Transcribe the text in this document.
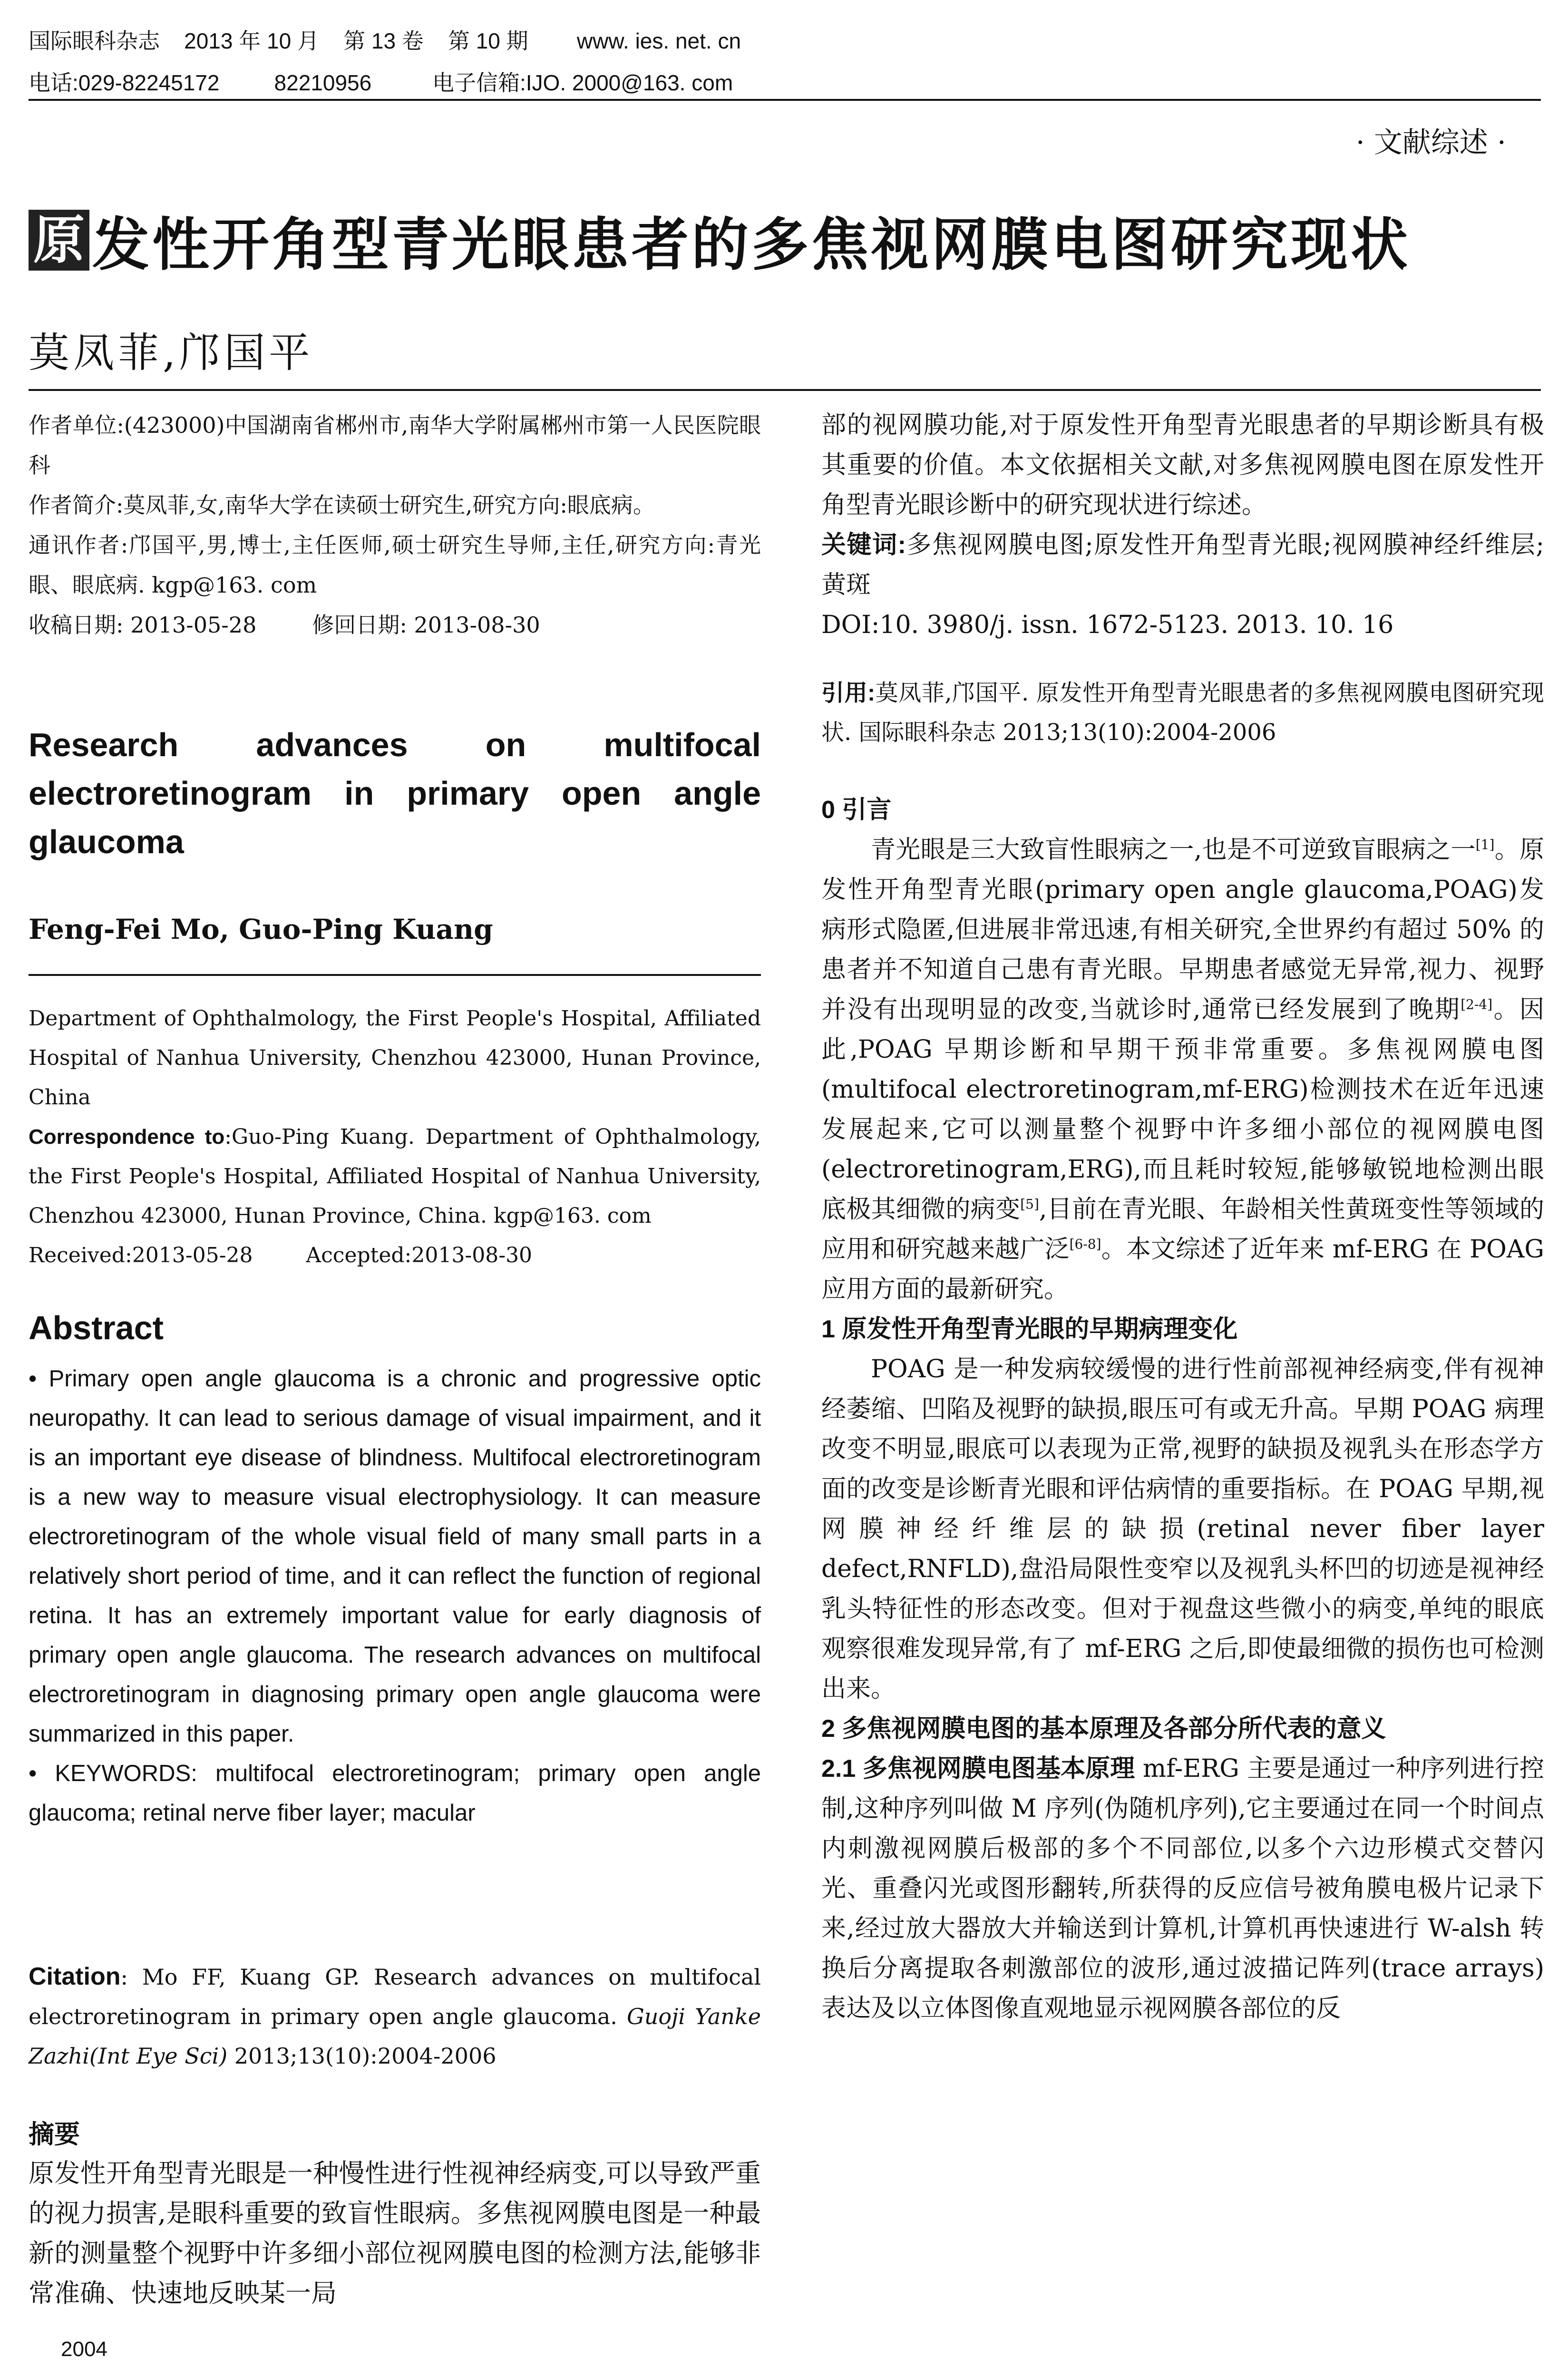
国际眼科杂志    2013 年 10 月    第 13 卷    第 10 期        www. ies. net. cn
电话:029-82245172         82210956          电子信箱:IJO. 2000@163. com
· 文献综述 ·
原 发性开角型青光眼患者的多焦视网膜电图研究现状
莫凤菲,邝国平

作者单位:(423000)中国湖南省郴州市,南华大学附属郴州市第一人民医院眼科

作者简介:莫凤菲,女,南华大学在读硕士研究生,研究方向:眼底病。

通讯作者:邝国平,男,博士,主任医师,硕士研究生导师,主任,研究方向:青光眼、眼底病. kgp@163. com

收稿日期: 2013-05-28        修回日期: 2013-08-30

Research advances on multifocal electroretinogram in primary open angle glaucoma
Feng-Fei Mo, Guo-Ping Kuang
Department of Ophthalmology, the First People's Hospital, Affiliated Hospital of Nanhua University, Chenzhou 423000, Hunan Province, China
Correspondence to:Guo-Ping Kuang. Department of Ophthalmology, the First People's Hospital, Affiliated Hospital of Nanhua University, Chenzhou 423000, Hunan Province, China. kgp@163. com
Received:2013-05-28        Accepted:2013-08-30
Abstract
• Primary open angle glaucoma is a chronic and progressive optic neuropathy. It can lead to serious damage of visual impairment, and it is an important eye disease of blindness. Multifocal electroretinogram is a new way to measure visual electrophysiology. It can measure electroretinogram of the whole visual field of many small parts in a relatively short period of time, and it can reflect the function of regional retina. It has an extremely important value for early diagnosis of primary open angle glaucoma. The research advances on multifocal electroretinogram in diagnosing primary open angle glaucoma were summarized in this paper.
• KEYWORDS: multifocal electroretinogram; primary open angle glaucoma; retinal nerve fiber layer; macular
Citation: Mo FF, Kuang GP. Research advances on multifocal electroretinogram in primary open angle glaucoma. Guoji Yanke Zazhi(Int Eye Sci) 2013;13(10):2004-2006
摘要
原发性开角型青光眼是一种慢性进行性视神经病变,可以导致严重的视力损害,是眼科重要的致盲性眼病。多焦视网膜电图是一种最新的测量整个视野中许多细小部位视网膜电图的检测方法,能够非常准确、快速地反映某一局

部的视网膜功能,对于原发性开角型青光眼患者的早期诊断具有极其重要的价值。本文依据相关文献,对多焦视网膜电图在原发性开角型青光眼诊断中的研究现状进行综述。

关键词:多焦视网膜电图;原发性开角型青光眼;视网膜神经纤维层;黄斑

DOI:10. 3980/j. issn. 1672-5123. 2013. 10. 16

引用:莫凤菲,邝国平. 原发性开角型青光眼患者的多焦视网膜电图研究现状. 国际眼科杂志 2013;13(10):2004-2006

0 引言

青光眼是三大致盲性眼病之一,也是不可逆致盲眼病之一[1]。原发性开角型青光眼(primary open angle glaucoma,POAG)发病形式隐匿,但进展非常迅速,有相关研究,全世界约有超过 50% 的患者并不知道自己患有青光眼。早期患者感觉无异常,视力、视野并没有出现明显的改变,当就诊时,通常已经发展到了晚期[2-4]。因此,POAG 早期诊断和早期干预非常重要。多焦视网膜电图(multifocal electroretinogram,mf-ERG)检测技术在近年迅速发展起来,它可以测量整个视野中许多细小部位的视网膜电图(electroretinogram,ERG),而且耗时较短,能够敏锐地检测出眼底极其细微的病变[5],目前在青光眼、年龄相关性黄斑变性等领域的应用和研究越来越广泛[6-8]。本文综述了近年来 mf-ERG 在 POAG 应用方面的最新研究。

1 原发性开角型青光眼的早期病理变化

POAG 是一种发病较缓慢的进行性前部视神经病变,伴有视神经萎缩、凹陷及视野的缺损,眼压可有或无升高。早期 POAG 病理改变不明显,眼底可以表现为正常,视野的缺损及视乳头在形态学方面的改变是诊断青光眼和评估病情的重要指标。在 POAG 早期,视网膜神经纤维层的缺损(retinal never fiber layer defect,RNFLD),盘沿局限性变窄以及视乳头杯凹的切迹是视神经乳头特征性的形态改变。但对于视盘这些微小的病变,单纯的眼底观察很难发现异常,有了 mf-ERG 之后,即使最细微的损伤也可检测出来。

2 多焦视网膜电图的基本原理及各部分所代表的意义

2.1 多焦视网膜电图基本原理 mf-ERG 主要是通过一种序列进行控制,这种序列叫做 M 序列(伪随机序列),它主要通过在同一个时间点内刺激视网膜后极部的多个不同部位,以多个六边形模式交替闪光、重叠闪光或图形翻转,所获得的反应信号被角膜电极片记录下来,经过放大器放大并输送到计算机,计算机再快速进行 W-alsh 转换后分离提取各刺激部位的波形,通过波描记阵列(trace arrays)表达及以立体图像直观地显示视网膜各部位的反

2004
